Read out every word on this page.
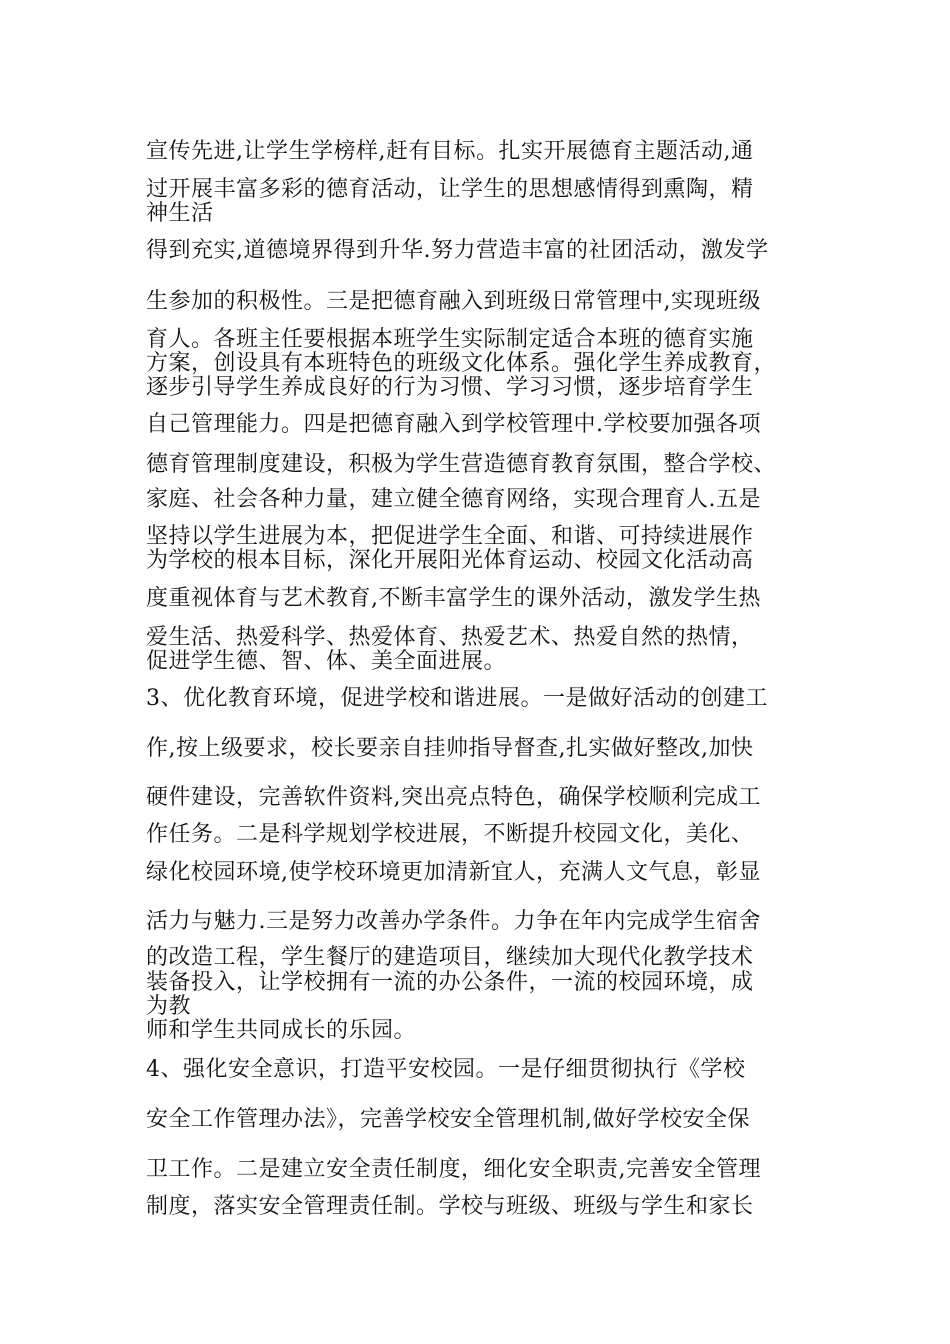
宣传先进,让学生学榜样,赶有目标。扎实开展德育主题活动,通
过开展丰富多彩的德育活动，让学生的思想感情得到熏陶，精
神生活
得到充实,道德境界得到升华.努力营造丰富的社团活动，激发学
生参加的积极性。三是把德育融入到班级日常管理中,实现班级
育人。各班主任要根据本班学生实际制定适合本班的德育实施
方案，创设具有本班特色的班级文化体系。强化学生养成教育，
逐步引导学生养成良好的行为习惯、学习习惯，逐步培育学生
自己管理能力。四是把德育融入到学校管理中.学校要加强各项
德育管理制度建设，积极为学生营造德育教育氛围，整合学校、
家庭、社会各种力量，建立健全德育网络，实现合理育人.五是
坚持以学生进展为本，把促进学生全面、和谐、可持续进展作
为学校的根本目标，深化开展阳光体育运动、校园文化活动高
度重视体育与艺术教育,不断丰富学生的课外活动，激发学生热
爱生活、热爱科学、热爱体育、热爱艺术、热爱自然的热情，
促进学生德、智、体、美全面进展。
3、优化教育环境，促进学校和谐进展。一是做好活动的创建工
作,按上级要求，校长要亲自挂帅指导督查,扎实做好整改,加快
硬件建设，完善软件资料,突出亮点特色，确保学校顺利完成工
作任务。二是科学规划学校进展，不断提升校园文化，美化、
绿化校园环境,使学校环境更加清新宜人，充满人文气息，彰显
活力与魅力.三是努力改善办学条件。力争在年内完成学生宿舍
的改造工程，学生餐厅的建造项目，继续加大现代化教学技术
装备投入，让学校拥有一流的办公条件，一流的校园环境，成
为教
师和学生共同成长的乐园。
4、强化安全意识，打造平安校园。一是仔细贯彻执行《学校
安全工作管理办法》，完善学校安全管理机制,做好学校安全保
卫工作。二是建立安全责任制度，细化安全职责,完善安全管理
制度，落实安全管理责任制。学校与班级、班级与学生和家长
